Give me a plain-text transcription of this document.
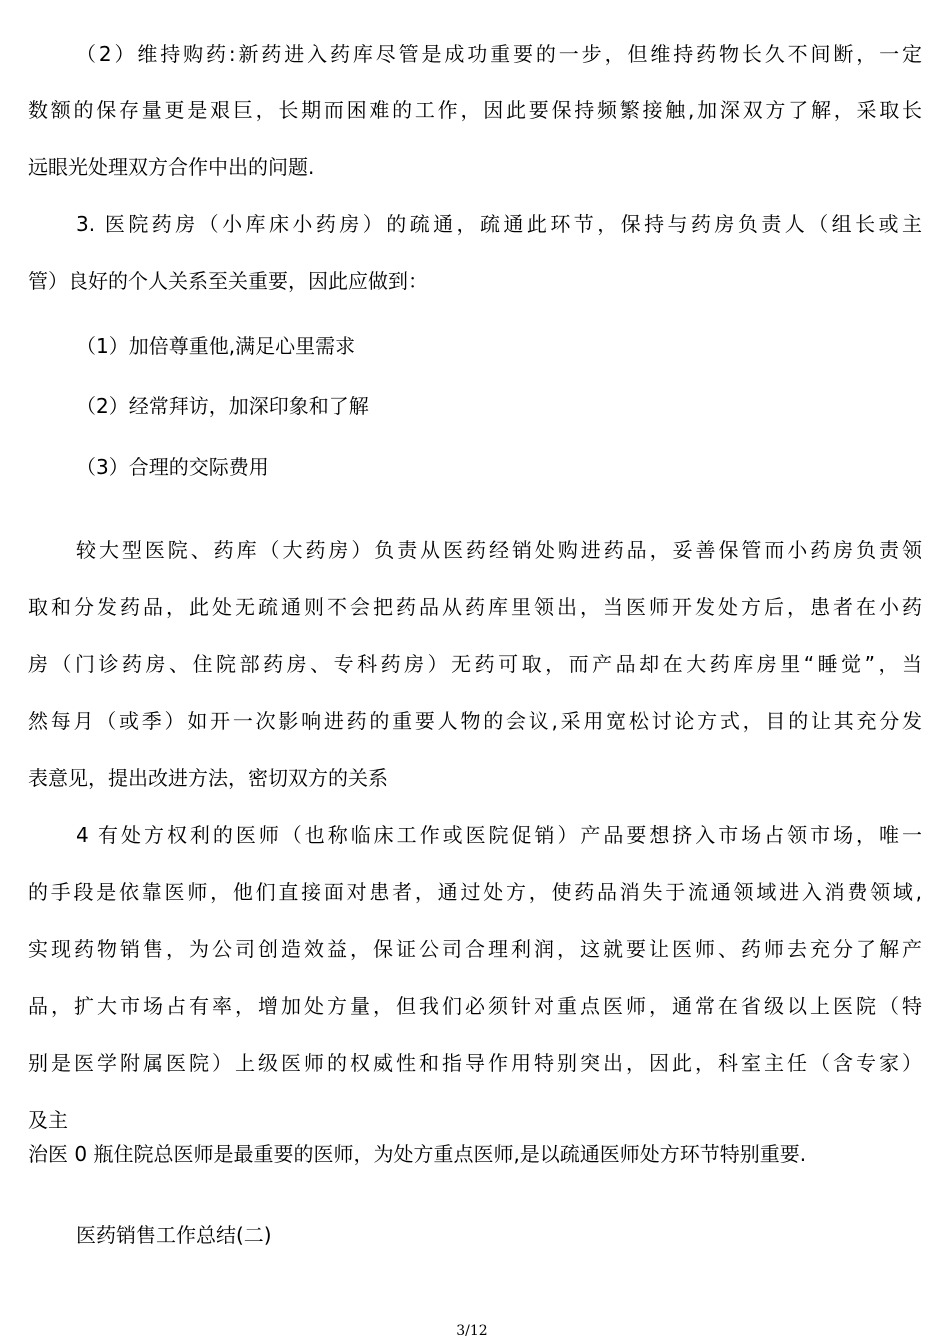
（2）维持购药:新药进入药库尽管是成功重要的一步，但维持药物长久不间断，一定
数额的保存量更是艰巨，长期而困难的工作，因此要保持频繁接触,加深双方了解，采取长
远眼光处理双方合作中出的问题.
3. 医院药房（小库床小药房）的疏通，疏通此环节，保持与药房负责人（组长或主
管）良好的个人关系至关重要，因此应做到：
（1）加倍尊重他,满足心里需求
（2）经常拜访，加深印象和了解
（3）合理的交际费用
较大型医院、药库（大药房）负责从医药经销处购进药品，妥善保管而小药房负责领
取和分发药品，此处无疏通则不会把药品从药库里领出，当医师开发处方后，患者在小药
房（门诊药房、住院部药房、专科药房）无药可取，而产品却在大药库房里“睡觉”，当
然每月（或季）如开一次影响进药的重要人物的会议,采用宽松讨论方式，目的让其充分发
表意见，提出改进方法，密切双方的关系
4 有处方权利的医师（也称临床工作或医院促销）产品要想挤入市场占领市场，唯一
的手段是依靠医师，他们直接面对患者，通过处方，使药品消失于流通领域进入消费领域,
实现药物销售，为公司创造效益，保证公司合理利润，这就要让医师、药师去充分了解产
品，扩大市场占有率，增加处方量，但我们必须针对重点医师，通常在省级以上医院（特
别是医学附属医院）上级医师的权威性和指导作用特别突出，因此，科室主任（含专家）
及主
治医 0 瓶住院总医师是最重要的医师，为处方重点医师,是以疏通医师处方环节特别重要.
医药销售工作总结(二)
3/12
